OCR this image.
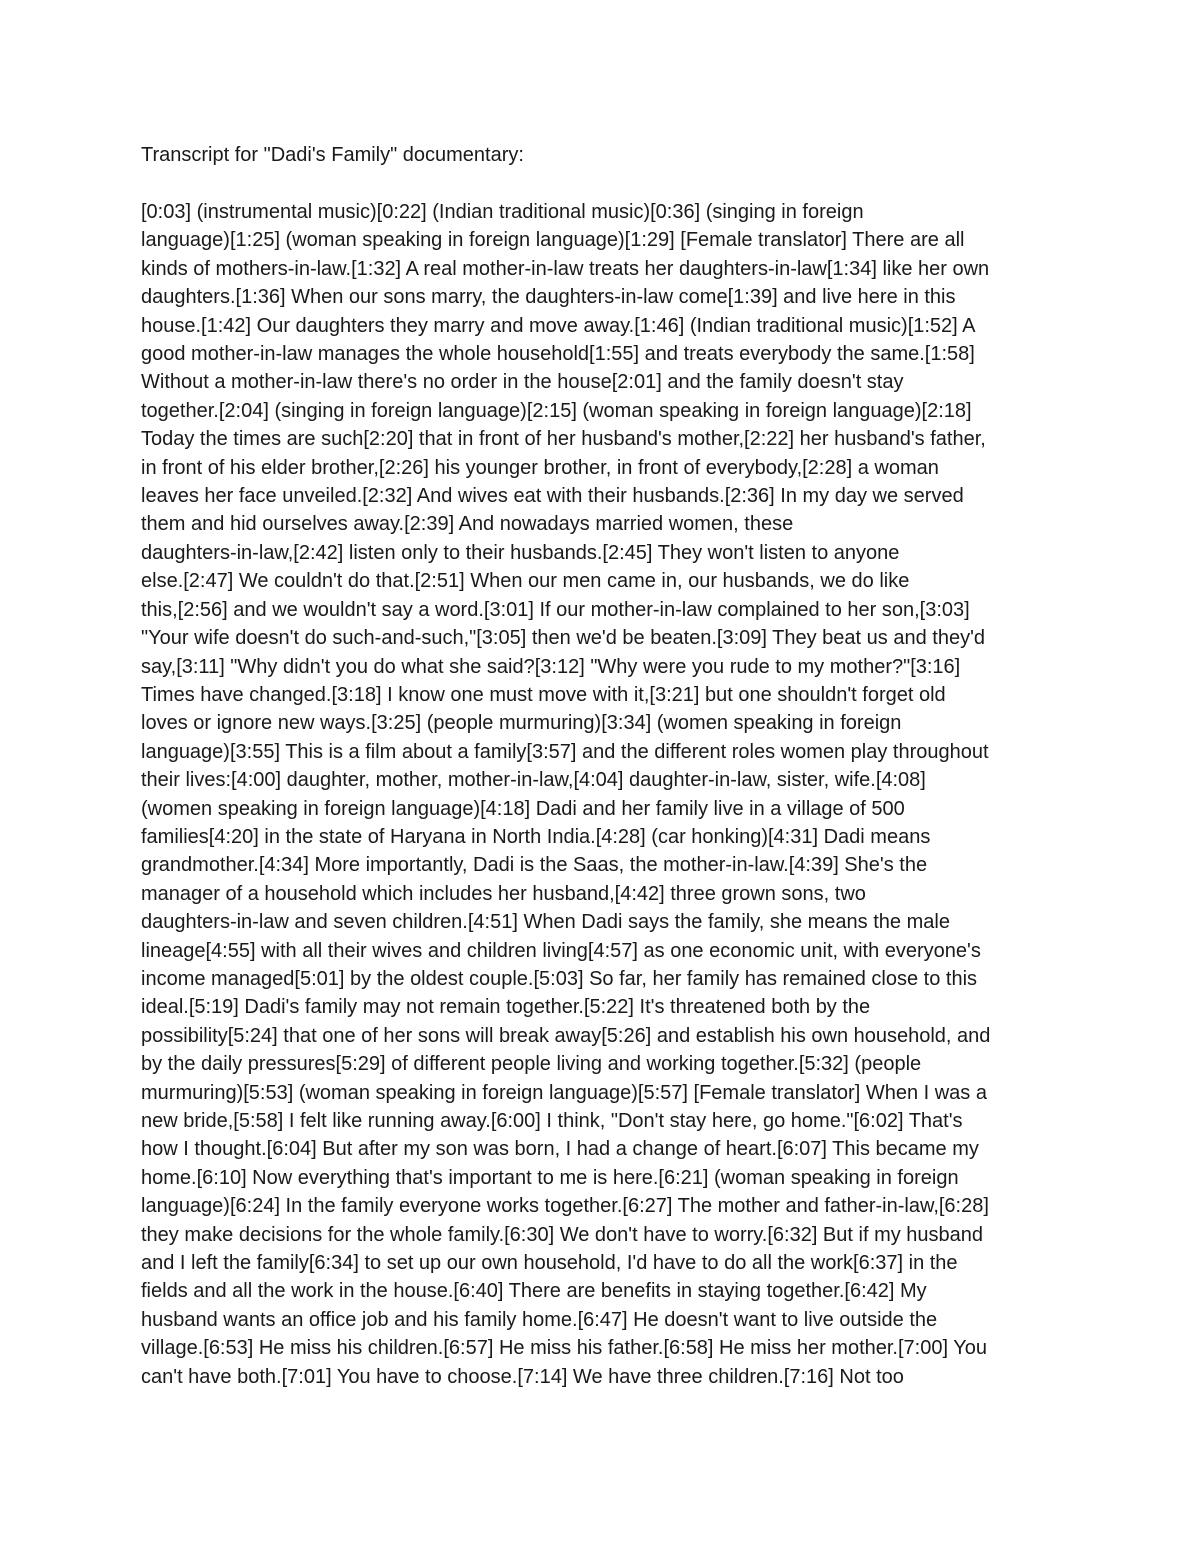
Transcript for "Dadi's Family" documentary:
[0:03] (instrumental music)[0:22] (Indian traditional music)[0:36] (singing in foreign
language)[1:25] (woman speaking in foreign language)[1:29] [Female translator] There are all
kinds of mothers-in-law.[1:32] A real mother-in-law treats her daughters-in-law[1:34] like her own
daughters.[1:36] When our sons marry, the daughters-in-law come[1:39] and live here in this
house.[1:42] Our daughters they marry and move away.[1:46] (Indian traditional music)[1:52] A
good mother-in-law manages the whole household[1:55] and treats everybody the same.[1:58]
Without a mother-in-law there's no order in the house[2:01] and the family doesn't stay
together.[2:04] (singing in foreign language)[2:15] (woman speaking in foreign language)[2:18]
Today the times are such[2:20] that in front of her husband's mother,[2:22] her husband's father,
in front of his elder brother,[2:26] his younger brother, in front of everybody,[2:28] a woman
leaves her face unveiled.[2:32] And wives eat with their husbands.[2:36] In my day we served
them and hid ourselves away.[2:39] And nowadays married women, these
daughters-in-law,[2:42] listen only to their husbands.[2:45] They won't listen to anyone
else.[2:47] We couldn't do that.[2:51] When our men came in, our husbands, we do like
this,[2:56] and we wouldn't say a word.[3:01] If our mother-in-law complained to her son,[3:03]
"Your wife doesn't do such-and-such,"[3:05] then we'd be beaten.[3:09] They beat us and they'd
say,[3:11] "Why didn't you do what she said?[3:12] "Why were you rude to my mother?"[3:16]
Times have changed.[3:18] I know one must move with it,[3:21] but one shouldn't forget old
loves or ignore new ways.[3:25] (people murmuring)[3:34] (women speaking in foreign
language)[3:55] This is a film about a family[3:57] and the different roles women play throughout
their lives:[4:00] daughter, mother, mother-in-law,[4:04] daughter-in-law, sister, wife.[4:08]
(women speaking in foreign language)[4:18] Dadi and her family live in a village of 500
families[4:20] in the state of Haryana in North India.[4:28] (car honking)[4:31] Dadi means
grandmother.[4:34] More importantly, Dadi is the Saas, the mother-in-law.[4:39] She's the
manager of a household which includes her husband,[4:42] three grown sons, two
daughters-in-law and seven children.[4:51] When Dadi says the family, she means the male
lineage[4:55] with all their wives and children living[4:57] as one economic unit, with everyone's
income managed[5:01] by the oldest couple.[5:03] So far, her family has remained close to this
ideal.[5:19] Dadi's family may not remain together.[5:22] It's threatened both by the
possibility[5:24] that one of her sons will break away[5:26] and establish his own household, and
by the daily pressures[5:29] of different people living and working together.[5:32] (people
murmuring)[5:53] (woman speaking in foreign language)[5:57] [Female translator] When I was a
new bride,[5:58] I felt like running away.[6:00] I think, "Don't stay here, go home."[6:02] That's
how I thought.[6:04] But after my son was born, I had a change of heart.[6:07] This became my
home.[6:10] Now everything that's important to me is here.[6:21] (woman speaking in foreign
language)[6:24] In the family everyone works together.[6:27] The mother and father-in-law,[6:28]
they make decisions for the whole family.[6:30] We don't have to worry.[6:32] But if my husband
and I left the family[6:34] to set up our own household, I'd have to do all the work[6:37] in the
fields and all the work in the house.[6:40] There are benefits in staying together.[6:42] My
husband wants an office job and his family home.[6:47] He doesn't want to live outside the
village.[6:53] He miss his children.[6:57] He miss his father.[6:58] He miss her mother.[7:00] You
can't have both.[7:01] You have to choose.[7:14] We have three children.[7:16] Not too
